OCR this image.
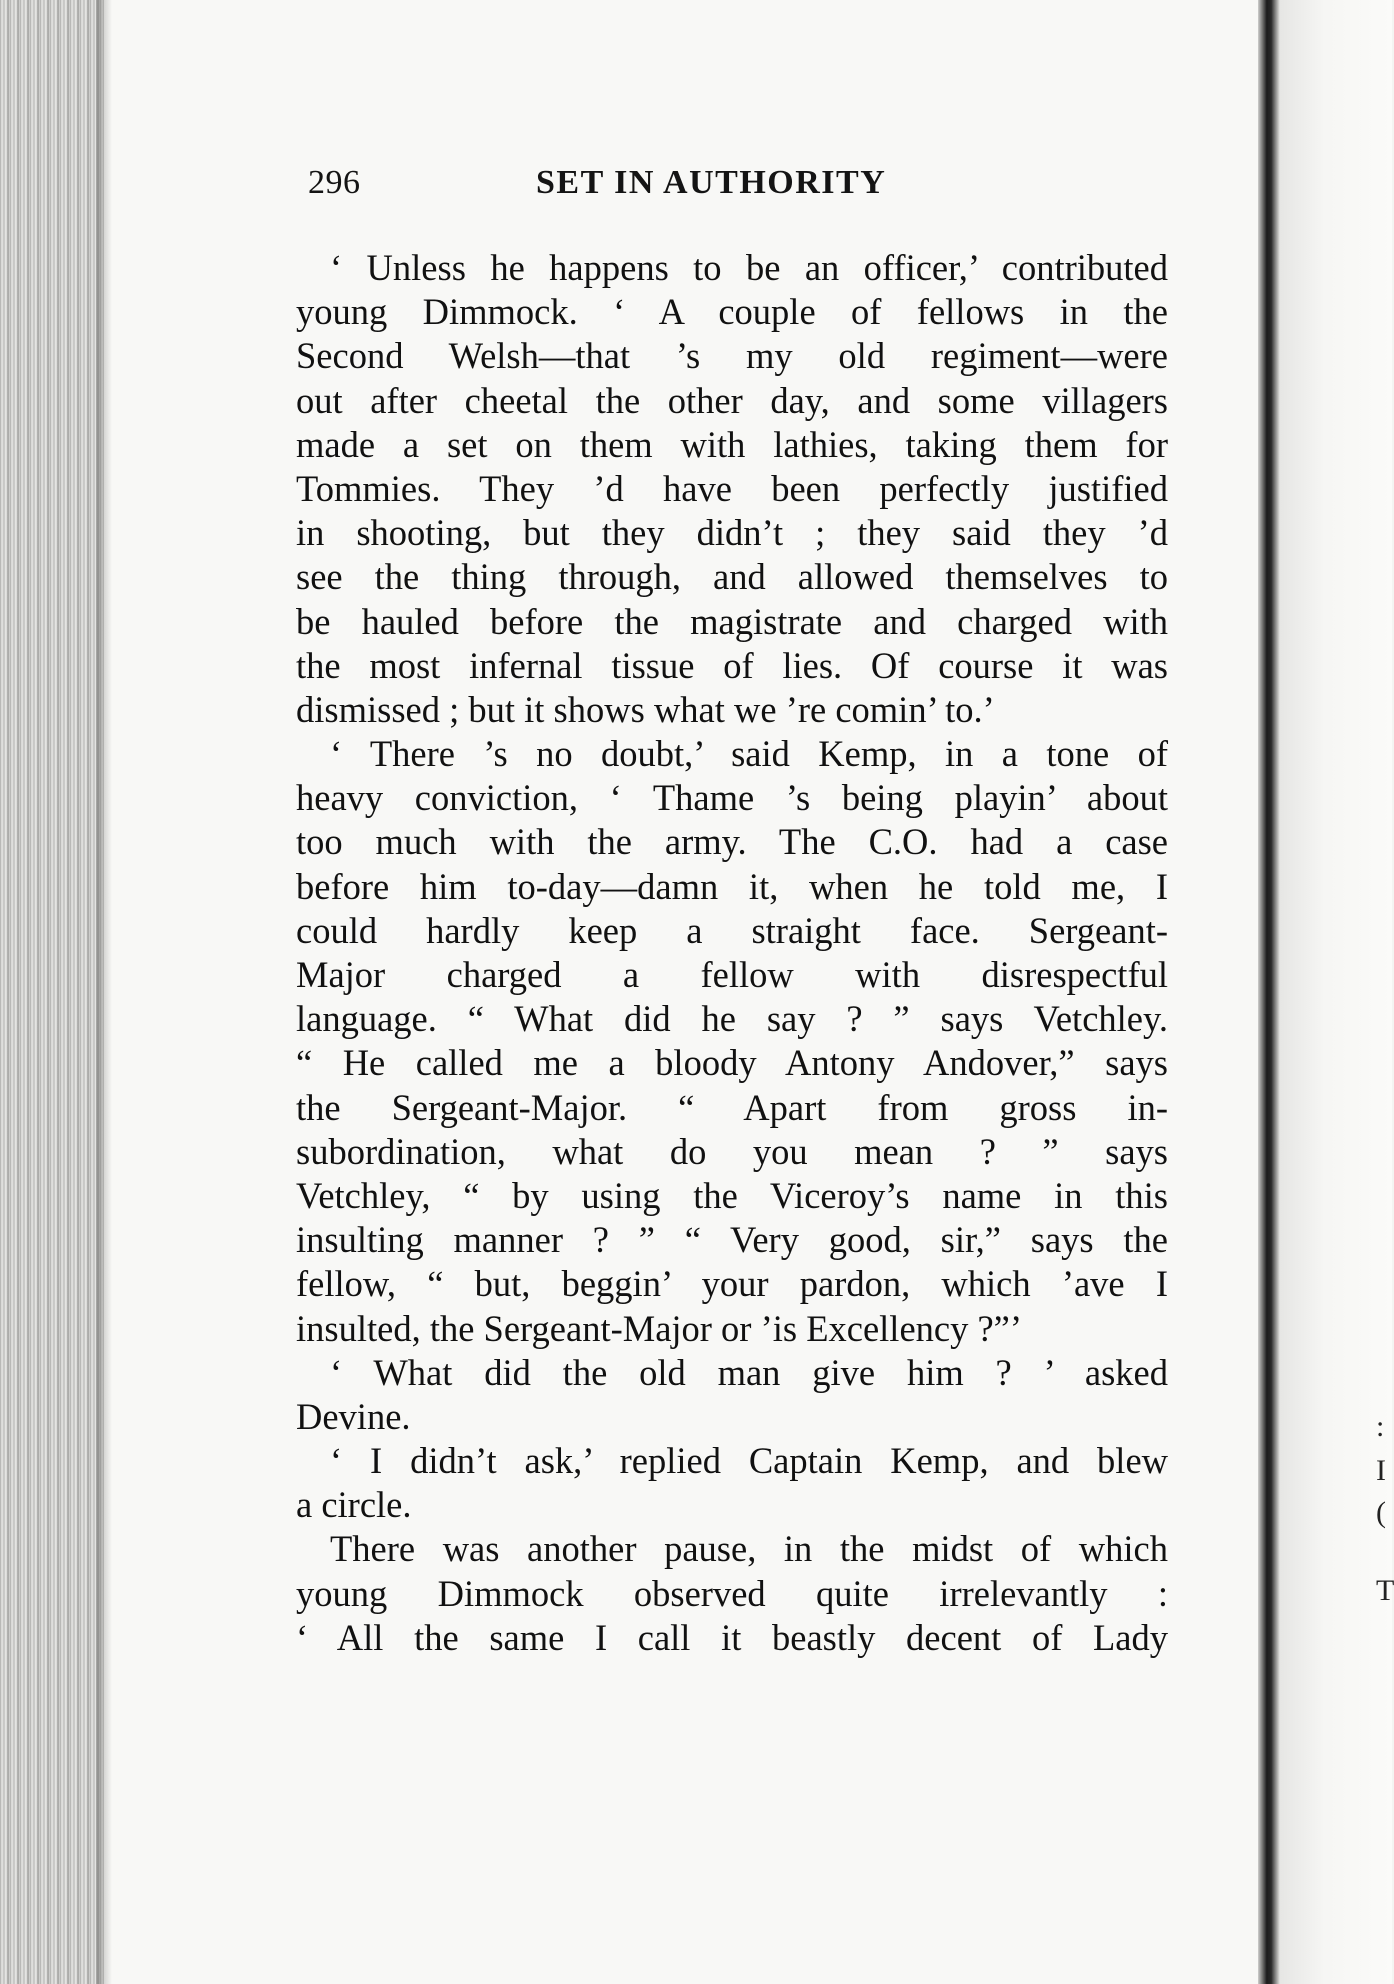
296	SET IN AUTHORITY
‘ Unless he happens to be an officer,’ contributed
young Dimmock. ‘ A couple of fellows in the
Second Welsh—that ’s my old regiment—were
out after cheetal the other day, and some villagers
made a set on them with lathies, taking them for
Tommies. They ’d have been perfectly justified
in shooting, but they didn’t ; they said they ’d
see the thing through, and allowed themselves to
be hauled before the magistrate and charged with
the most infernal tissue of lies. Of course it was
dismissed ; but it shows what we ’re comin’ to.’
‘ There ’s no doubt,’ said Kemp, in a tone of
heavy conviction, ‘ Thame ’s being playin’ about
too much with the army. The C.O. had a case
before him to-day—damn it, when he told me, I
could hardly keep a straight face. Sergeant-
Major charged a fellow with disrespectful
language. “ What did he say ? ” says Vetchley.
“ He called me a bloody Antony Andover,” says
the Sergeant-Major. “ Apart from gross in-
subordination, what do you mean ? ” says
Vetchley, “ by using the Viceroy’s name in this
insulting manner ? ” “ Very good, sir,” says the
fellow, “ but, beggin’ your pardon, which ’ave I
insulted, the Sergeant-Major or ’is Excellency ?”’
‘ What did the old man give him ? ’ asked
Devine.
‘ I didn’t ask,’ replied Captain Kemp, and blew
a circle.
There was another pause, in the midst of which
young Dimmock observed quite irrelevantly :
‘ All the same I call it beastly decent of Lady
:
I
(
T
